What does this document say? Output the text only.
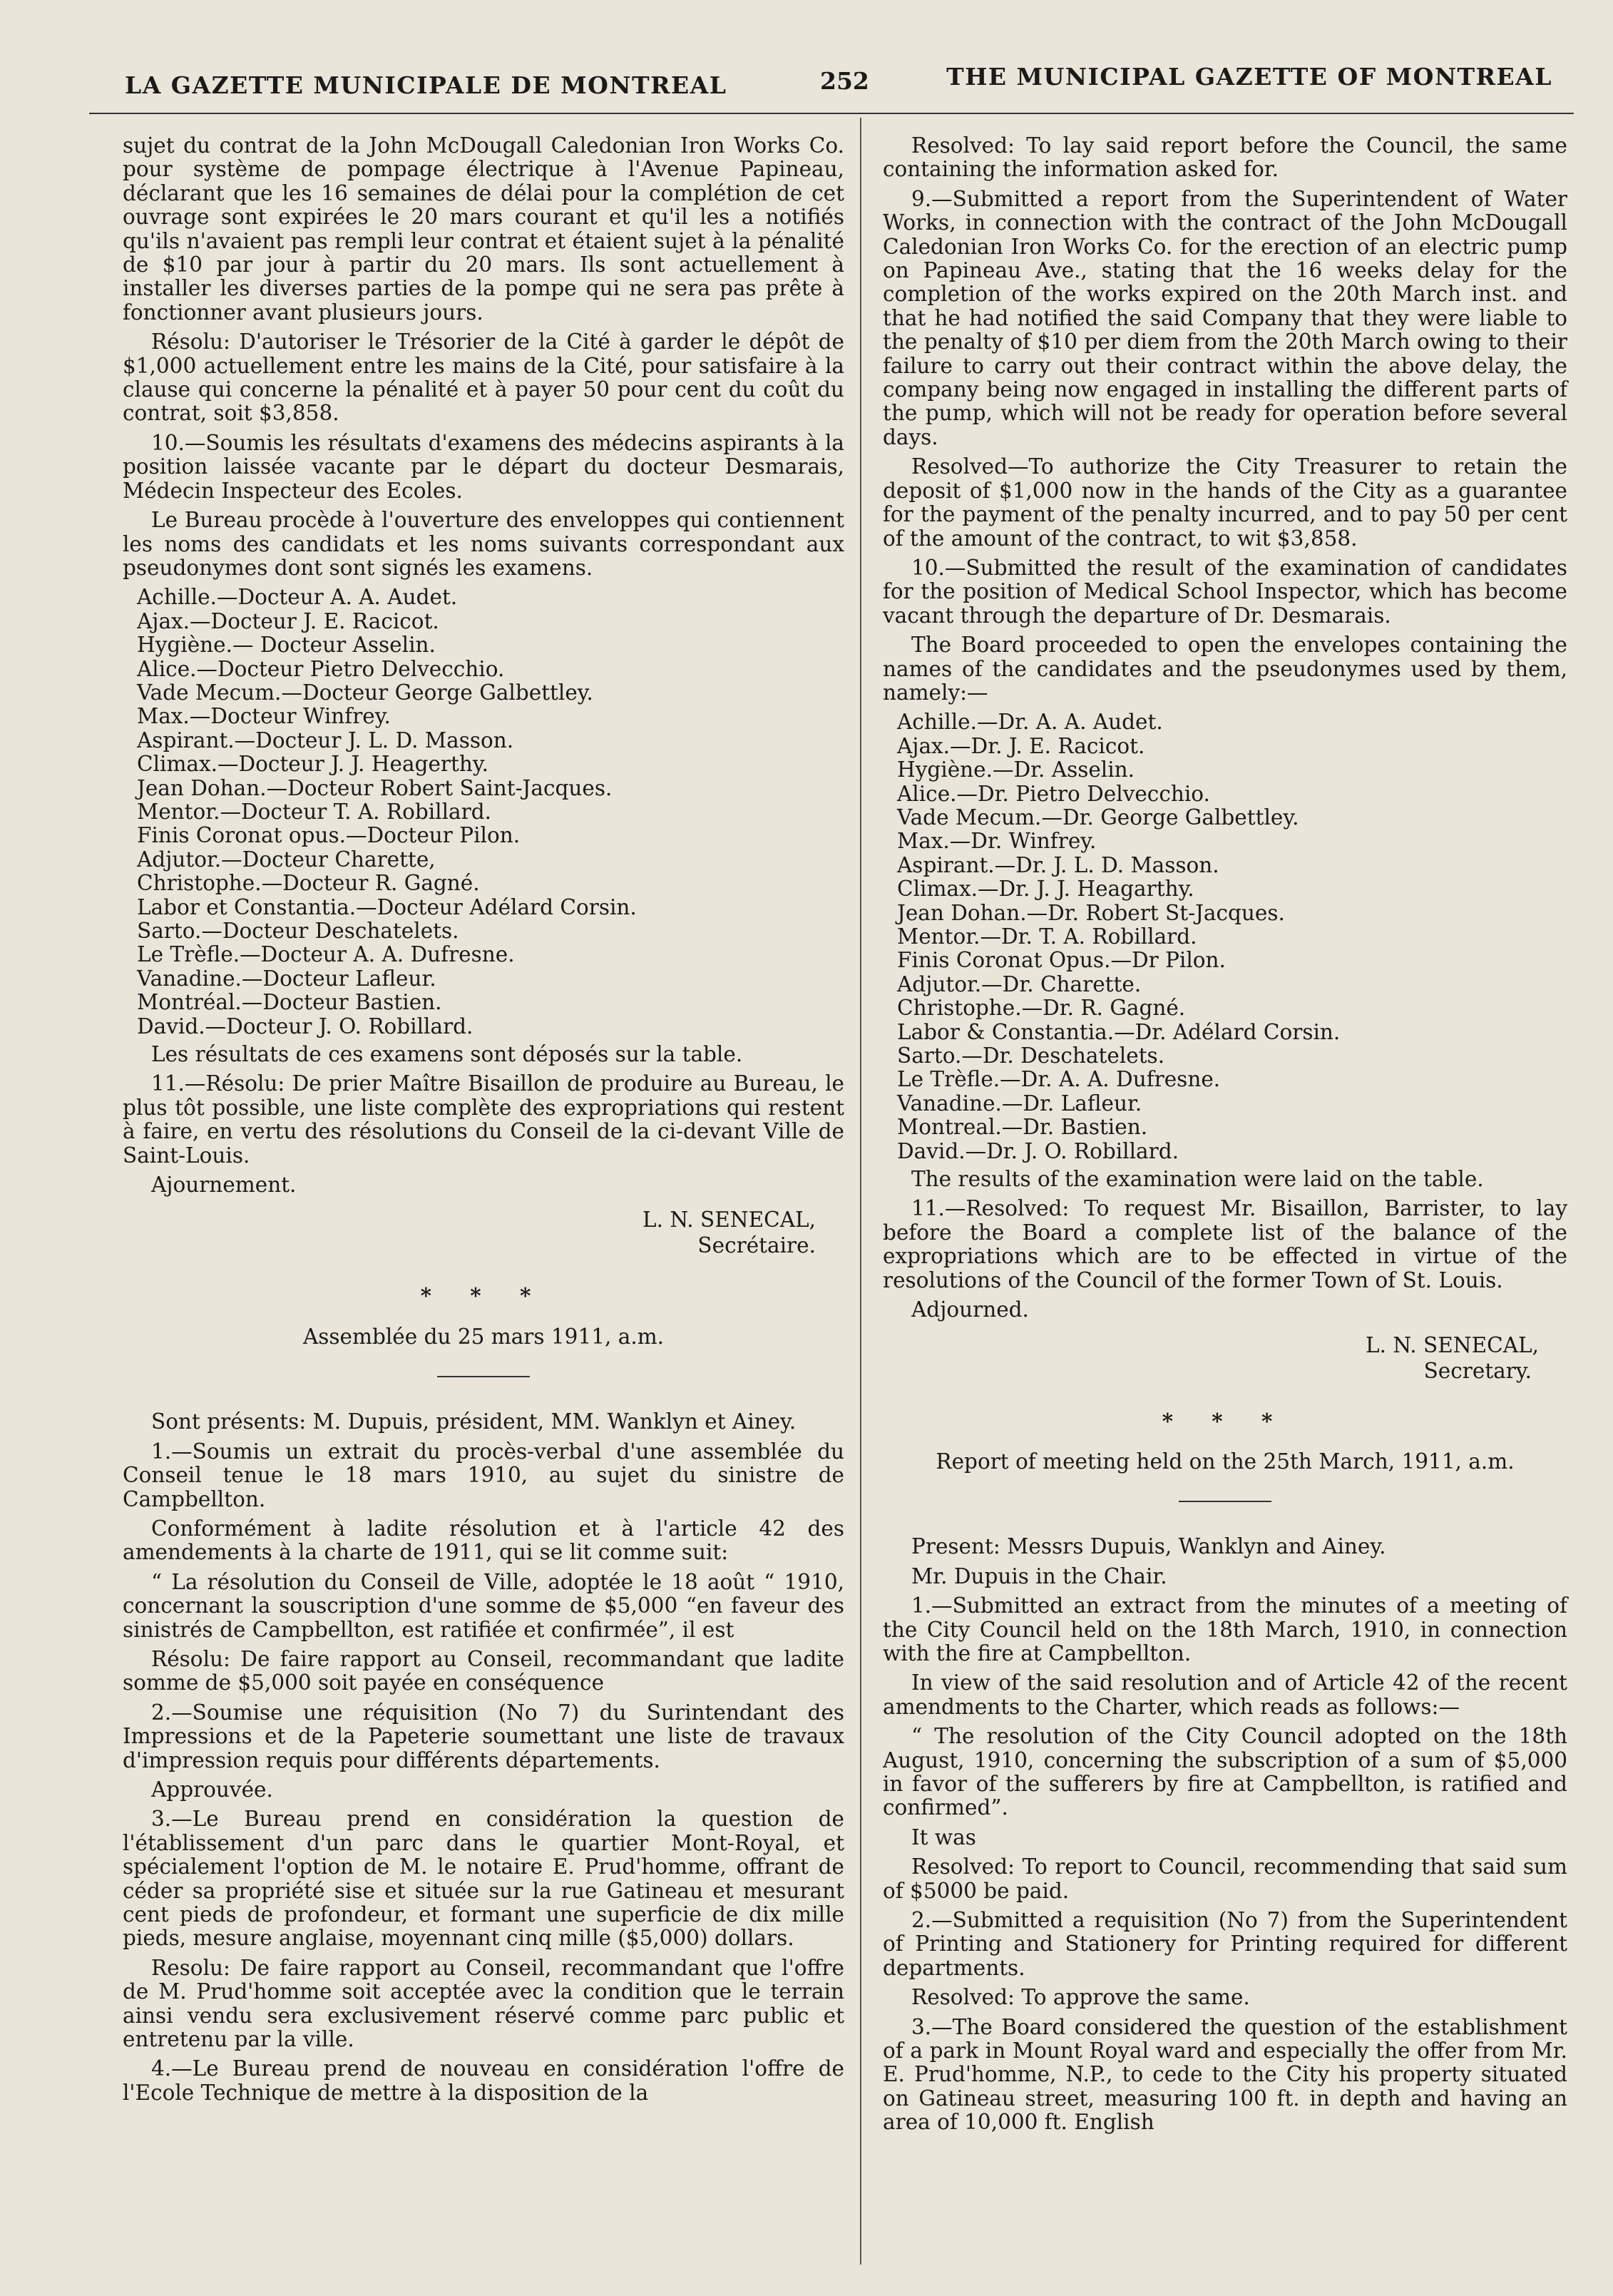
LA GAZETTE MUNICIPALE DE MONTREAL	252	THE MUNICIPAL GAZETTE OF MONTREAL

sujet du contrat de la John McDougall Caledonian Iron Works Co. pour système de pompage électrique à l'Avenue Papineau, déclarant que les 16 semaines de délai pour la complétion de cet ouvrage sont expirées le 20 mars courant et qu'il les a notifiés qu'ils n'avaient pas rempli leur contrat et étaient sujet à la pénalité de $10 par jour à partir du 20 mars. Ils sont actuellement à installer les diverses parties de la pompe qui ne sera pas prête à fonctionner avant plusieurs jours.

Résolu: D'autoriser le Trésorier de la Cité à garder le dépôt de $1,000 actuellement entre les mains de la Cité, pour satisfaire à la clause qui concerne la pénalité et à payer 50 pour cent du coût du contrat, soit $3,858.

10.—Soumis les résultats d'examens des médecins aspirants à la position laissée vacante par le départ du docteur Desmarais, Médecin Inspecteur des Ecoles.

Le Bureau procède à l'ouverture des enveloppes qui contiennent les noms des candidats et les noms suivants correspondant aux pseudonymes dont sont signés les examens.

Achille.—Docteur A. A. Audet.
Ajax.—Docteur J. E. Racicot.
Hygiène.— Docteur Asselin.
Alice.—Docteur Pietro Delvecchio.
Vade Mecum.—Docteur George Galbettley.
Max.—Docteur Winfrey.
Aspirant.—Docteur J. L. D. Masson.
Climax.—Docteur J. J. Heagerthy.
Jean Dohan.—Docteur Robert Saint-Jacques.
Mentor.—Docteur T. A. Robillard.
Finis Coronat opus.—Docteur Pilon.
Adjutor.—Docteur Charette,
Christophe.—Docteur R. Gagné.
Labor et Constantia.—Docteur Adélard Corsin.
Sarto.—Docteur Deschatelets.
Le Trèfle.—Docteur A. A. Dufresne.
Vanadine.—Docteur Lafleur.
Montréal.—Docteur Bastien.
David.—Docteur J. O. Robillard.

Les résultats de ces examens sont déposés sur la table.

11.—Résolu: De prier Maître Bisaillon de produire au Bureau, le plus tôt possible, une liste complète des expropriations qui restent à faire, en vertu des résolutions du Conseil de la ci-devant Ville de Saint-Louis.

Ajournement.

L. N. SENECAL,
Secrétaire.
* * *

Assemblée du 25 mars 1911, a.m.

Sont présents: M. Dupuis, président, MM. Wanklyn et Ainey.

1.—Soumis un extrait du procès-verbal d'une assemblée du Conseil tenue le 18 mars 1910, au sujet du sinistre de Campbellton.

Conformément à ladite résolution et à l'article 42 des amendements à la charte de 1911, qui se lit comme suit:

“ La résolution du Conseil de Ville, adoptée le 18 août “ 1910, concernant la souscription d'une somme de $5,000 “en faveur des sinistrés de Campbellton, est ratifiée et confirmée”, il est

Résolu: De faire rapport au Conseil, recommandant que ladite somme de $5,000 soit payée en conséquence

2.—Soumise une réquisition (No 7) du Surintendant des Impressions et de la Papeterie soumettant une liste de travaux d'impression requis pour différents départements.

Approuvée.

3.—Le Bureau prend en considération la question de l'établissement d'un parc dans le quartier Mont-Royal, et spécialement l'option de M. le notaire E. Prud'homme, offrant de céder sa propriété sise et située sur la rue Gatineau et mesurant cent pieds de profondeur, et formant une superficie de dix mille pieds, mesure anglaise, moyennant cinq mille ($5,000) dollars.

Resolu: De faire rapport au Conseil, recommandant que l'offre de M. Prud'homme soit acceptée avec la condition que le terrain ainsi vendu sera exclusivement réservé comme parc public et entretenu par la ville.

4.—Le Bureau prend de nouveau en considération l'offre de l'Ecole Technique de mettre à la disposition de la

Resolved: To lay said report before the Council, the same containing the information asked for.

9.—Submitted a report from the Superintendent of Water Works, in connection with the contract of the John McDougall Caledonian Iron Works Co. for the erection of an electric pump on Papineau Ave., stating that the 16 weeks delay for the completion of the works expired on the 20th March inst. and that he had notified the said Company that they were liable to the penalty of $10 per diem from the 20th March owing to their failure to carry out their contract within the above delay, the company being now engaged in installing the different parts of the pump, which will not be ready for operation before several days.

Resolved—To authorize the City Treasurer to retain the deposit of $1,000 now in the hands of the City as a guarantee for the payment of the penalty incurred, and to pay 50 per cent of the amount of the contract, to wit $3,858.

10.—Submitted the result of the examination of candidates for the position of Medical School Inspector, which has become vacant through the departure of Dr. Desmarais.

The Board proceeded to open the envelopes containing the names of the candidates and the pseudonymes used by them, namely:—

Achille.—Dr. A. A. Audet.
Ajax.—Dr. J. E. Racicot.
Hygiène.—Dr. Asselin.
Alice.—Dr. Pietro Delvecchio.
Vade Mecum.—Dr. George Galbettley.
Max.—Dr. Winfrey.
Aspirant.—Dr. J. L. D. Masson.
Climax.—Dr. J. J. Heagarthy.
Jean Dohan.—Dr. Robert St-Jacques.
Mentor.—Dr. T. A. Robillard.
Finis Coronat Opus.—Dr Pilon.
Adjutor.—Dr. Charette.
Christophe.—Dr. R. Gagné.
Labor & Constantia.—Dr. Adélard Corsin.
Sarto.—Dr. Deschatelets.
Le Trèfle.—Dr. A. A. Dufresne.
Vanadine.—Dr. Lafleur.
Montreal.—Dr. Bastien.
David.—Dr. J. O. Robillard.

The results of the examination were laid on the table.

11.—Resolved: To request Mr. Bisaillon, Barrister, to lay before the Board a complete list of the balance of the expropriations which are to be effected in virtue of the resolutions of the Council of the former Town of St. Louis.

Adjourned.

L. N. SENECAL,
Secretary.
* * *

Report of meeting held on the 25th March, 1911, a.m.

Present: Messrs Dupuis, Wanklyn and Ainey.

Mr. Dupuis in the Chair.

1.—Submitted an extract from the minutes of a meeting of the City Council held on the 18th March, 1910, in connection with the fire at Campbellton.

In view of the said resolution and of Article 42 of the recent amendments to the Charter, which reads as follows:—

“ The resolution of the City Council adopted on the 18th August, 1910, concerning the subscription of a sum of $5,000 in favor of the sufferers by fire at Campbellton, is ratified and confirmed”.

It was

Resolved: To report to Council, recommending that said sum of $5000 be paid.

2.—Submitted a requisition (No 7) from the Superintendent of Printing and Stationery for Printing required for different departments.

Resolved: To approve the same.

3.—The Board considered the question of the establishment of a park in Mount Royal ward and especially the offer from Mr. E. Prud'homme, N.P., to cede to the City his property situated on Gatineau street, measuring 100 ft. in depth and having an area of 10,000 ft. English
